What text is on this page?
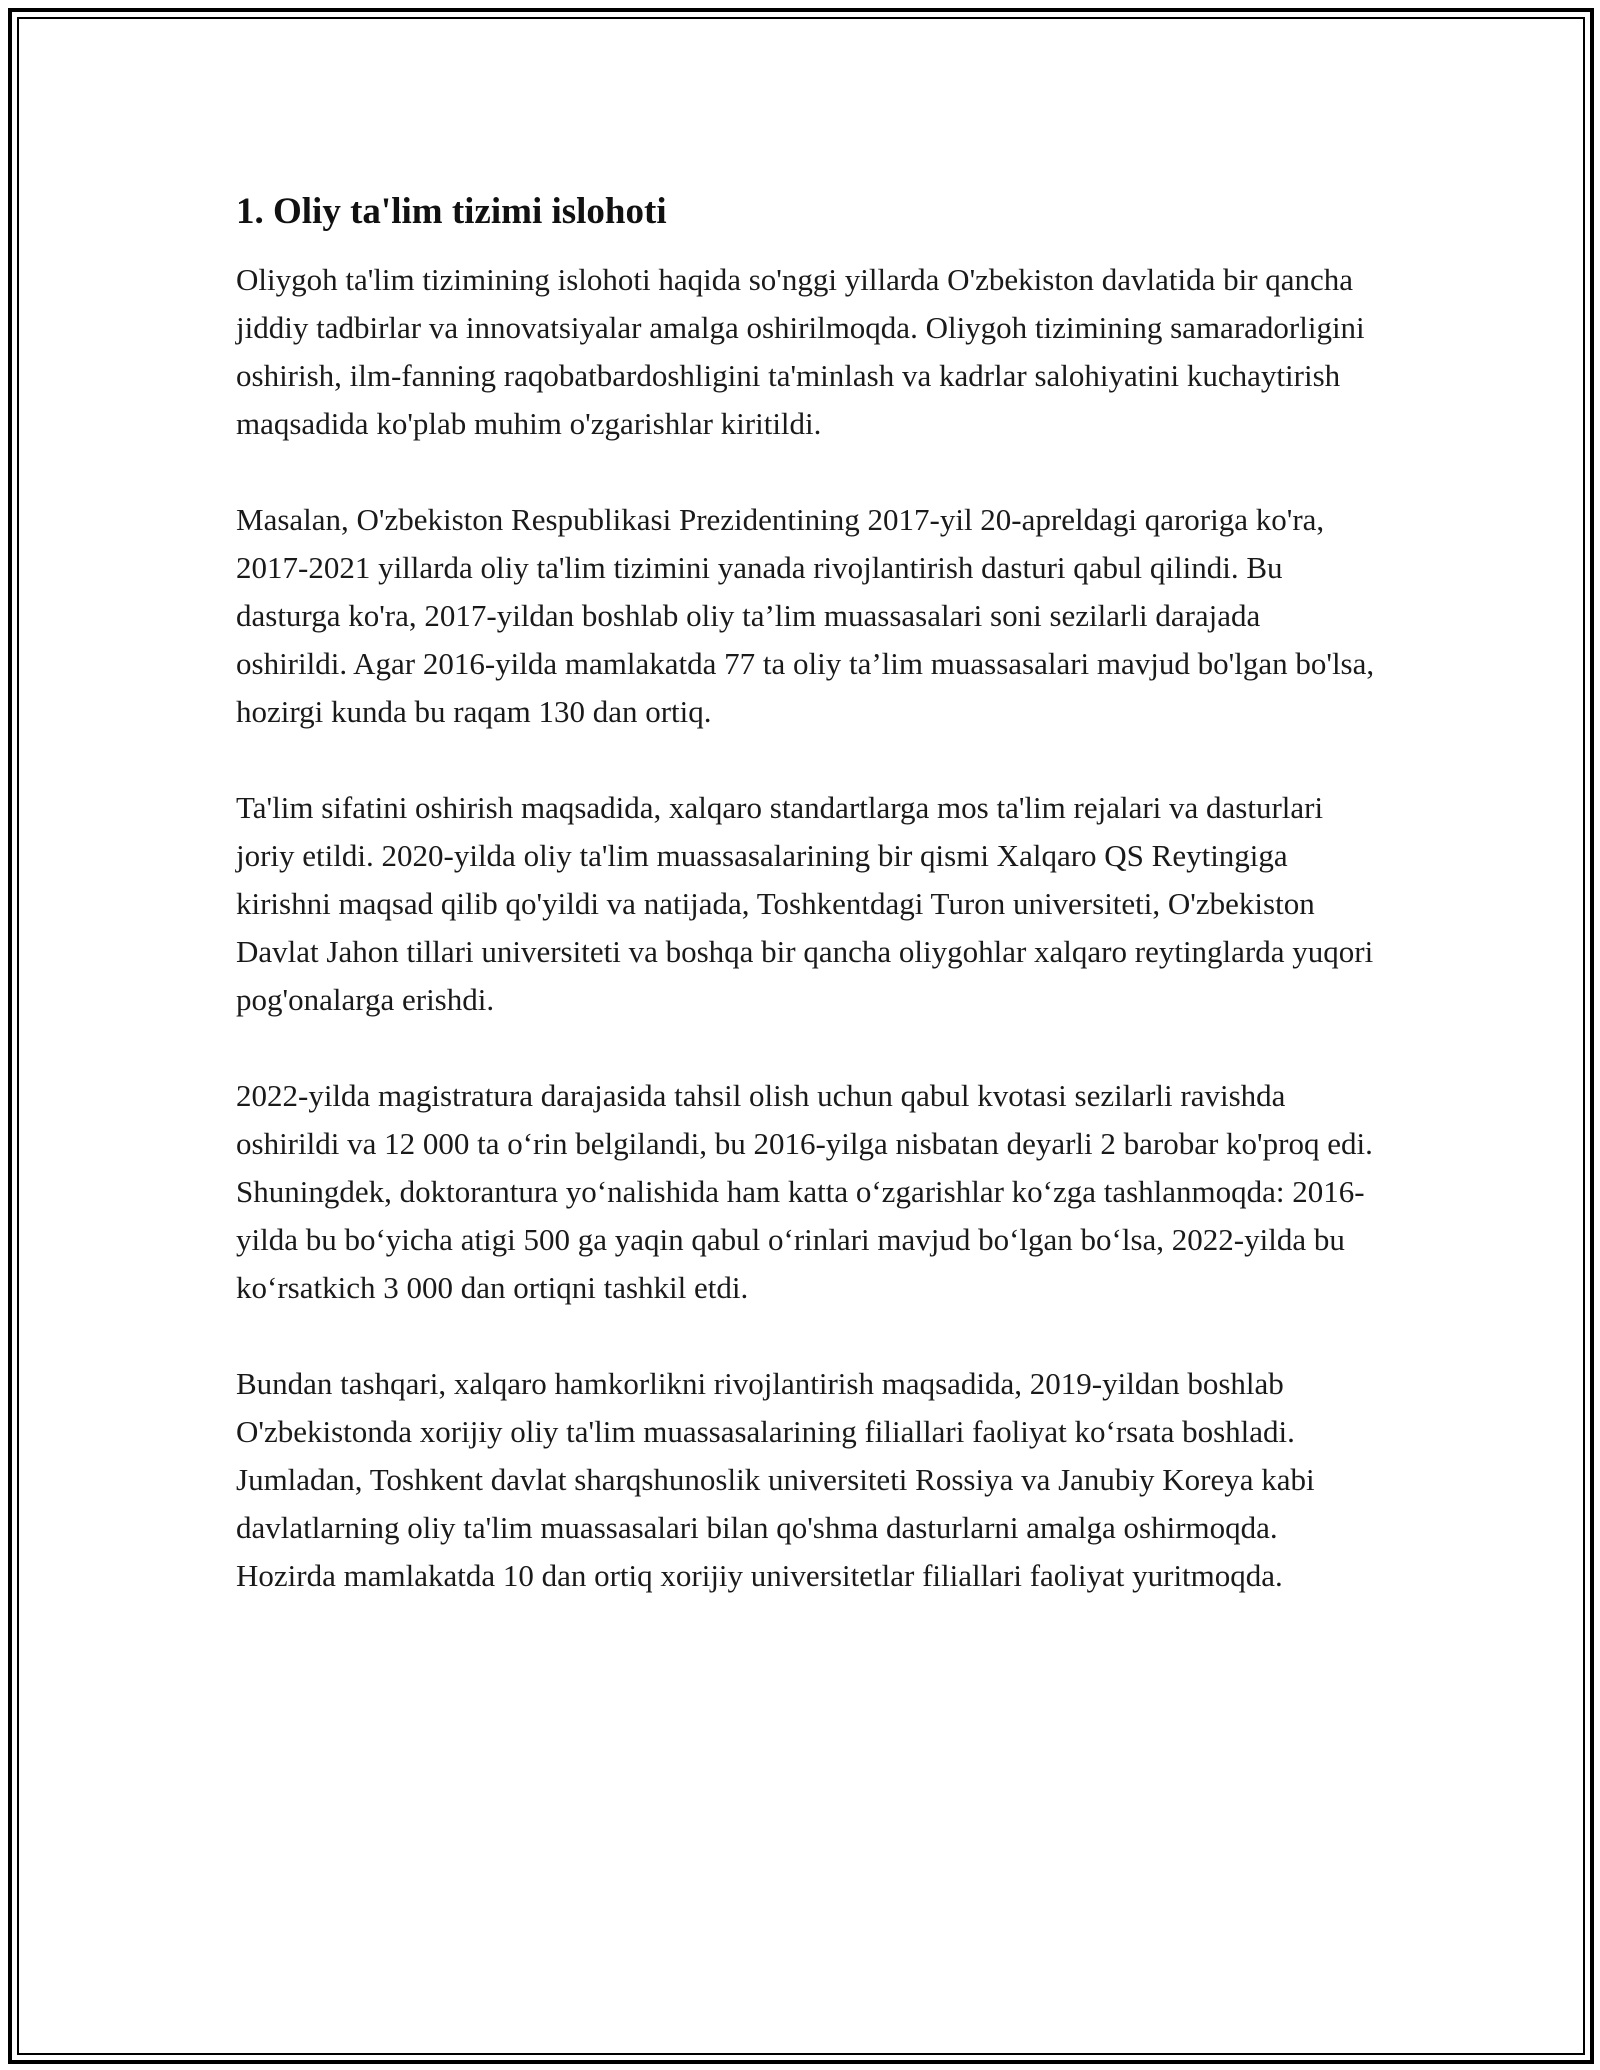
1. Oliy ta'lim tizimi islohoti

Oliygoh ta'lim tizimining islohoti haqida so'nggi yillarda O'zbekiston davlatida bir qancha jiddiy tadbirlar va innovatsiyalar amalga oshirilmoqda. Oliygoh tizimining samaradorligini oshirish, ilm-fanning raqobatbardoshligini ta'minlash va kadrlar salohiyatini kuchaytirish maqsadida ko'plab muhim o'zgarishlar kiritildi.

Masalan, O'zbekiston Respublikasi Prezidentining 2017-yil 20-apreldagi qaroriga ko'ra, 2017-2021 yillarda oliy ta'lim tizimini yanada rivojlantirish dasturi qabul qilindi. Bu dasturga ko'ra, 2017-yildan boshlab oliy ta’lim muassasalari soni sezilarli darajada oshirildi. Agar 2016-yilda mamlakatda 77 ta oliy ta’lim muassasalari mavjud bo'lgan bo'lsa, hozirgi kunda bu raqam 130 dan ortiq.

Ta'lim sifatini oshirish maqsadida, xalqaro standartlarga mos ta'lim rejalari va dasturlari joriy etildi. 2020-yilda oliy ta'lim muassasalarining bir qismi Xalqaro QS Reytingiga kirishni maqsad qilib qo'yildi va natijada, Toshkentdagi Turon universiteti, O'zbekiston Davlat Jahon tillari universiteti va boshqa bir qancha oliygohlar xalqaro reytinglarda yuqori pog'onalarga erishdi.

2022-yilda magistratura darajasida tahsil olish uchun qabul kvotasi sezilarli ravishda oshirildi va 12 000 ta o‘rin belgilandi, bu 2016-yilga nisbatan deyarli 2 barobar ko'proq edi. Shuningdek, doktorantura yo‘nalishida ham katta o‘zgarishlar ko‘zga tashlanmoqda: 2016-yilda bu bo‘yicha atigi 500 ga yaqin qabul o‘rinlari mavjud bo‘lgan bo‘lsa, 2022-yilda bu ko‘rsatkich 3 000 dan ortiqni tashkil etdi.

Bundan tashqari, xalqaro hamkorlikni rivojlantirish maqsadida, 2019-yildan boshlab O'zbekistonda xorijiy oliy ta'lim muassasalarining filiallari faoliyat ko‘rsata boshladi. Jumladan, Toshkent davlat sharqshunoslik universiteti Rossiya va Janubiy Koreya kabi davlatlarning oliy ta'lim muassasalari bilan qo'shma dasturlarni amalga oshirmoqda. Hozirda mamlakatda 10 dan ortiq xorijiy universitetlar filiallari faoliyat yuritmoqda.
